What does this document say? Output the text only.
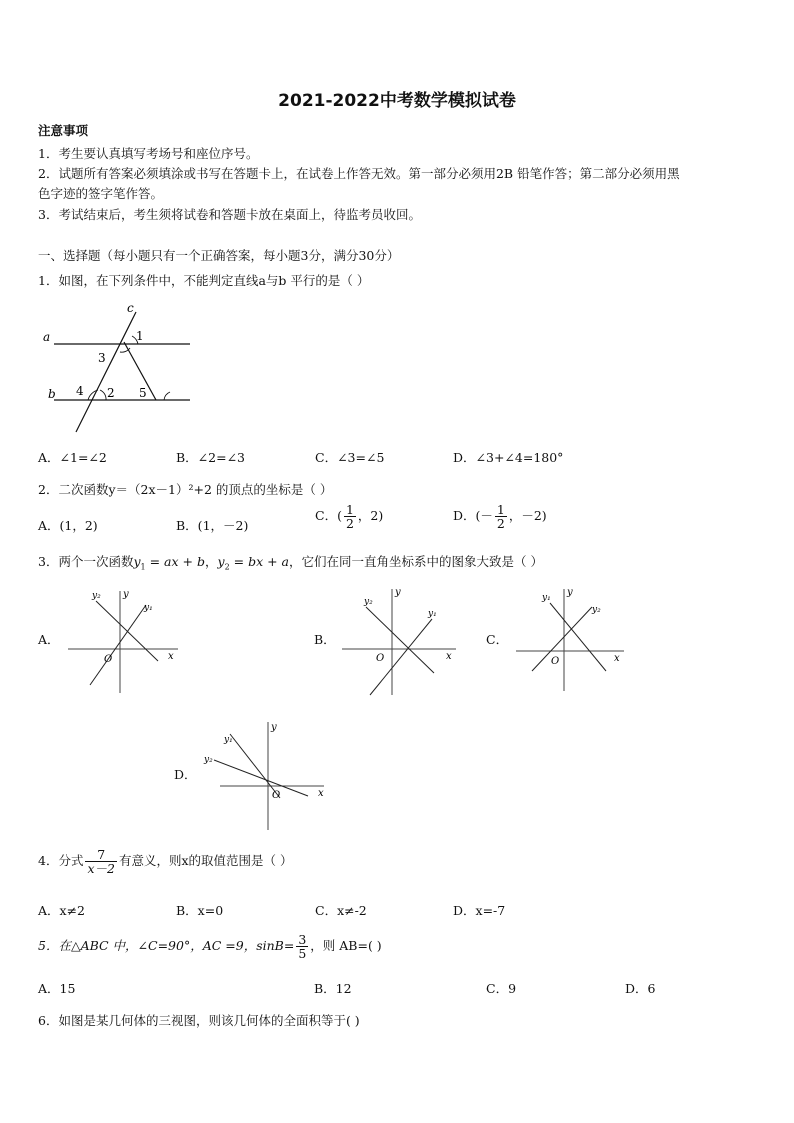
2021-2022中考数学模拟试卷
注意事项
1．考生要认真填写考场号和座位序号。
2．试题所有答案必须填涂或书写在答题卡上，在试卷上作答无效。第一部分必须用2B 铅笔作答；第二部分必须用黑
色字迹的签字笔作答。
3．考试结束后，考生须将试卷和答题卡放在桌面上，待监考员收回。
一、选择题（每小题只有一个正确答案，每小题3分，满分30分）
1．如图，在下列条件中，不能判定直线a与b 平行的是（ ）
a
b
c
1
3
4 2 5
A．∠1=∠2	B．∠2=∠3	C．∠3=∠5	D．∠3+∠4=180°
2．二次函数y＝（2x－1）²+2 的顶点的坐标是（ ）
A．(1，2)	B．(1，－2)
C．( $\frac{1}{2}$ ，2)	D．(－ $\frac{1}{2}$ ，－2)
3．两个一次函数$y_1$ = ax + b，$y_2$ = bx + a，它们在同一直角坐标系中的图象大致是（ ）
A．
x
y
O
y₂
y₁
B．
x
y
O
y₂
y₁
C．
x
y
O
y₁
y₂
D．
x
y
O
y₁
y₂
4．分式 $\frac{7}{x-2}$ 有意义，则x的取值范围是（ ）
A．x≠2	B．x=0	C．x≠-2	D．x=-7
5．在△ABC 中，∠C=90°，AC =9，$\sin B= \frac{3}{5}$ ，则 AB=( )
A．15	B．12	C．9	D．6
6．如图是某几何体的三视图，则该几何体的全面积等于( )
